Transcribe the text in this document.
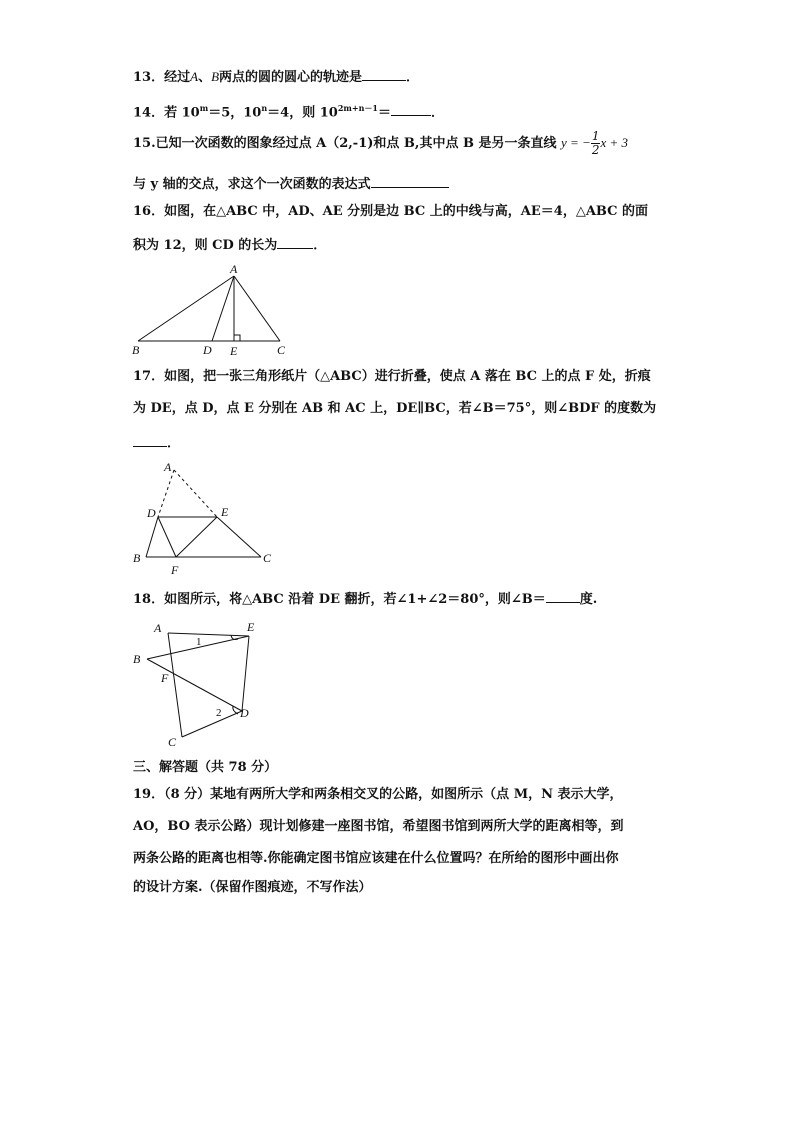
13．经过A、B两点的圆的圆心的轨迹是	．
14．若 $10^m=5$，$10^n=4$，则 $10^{2m+n-1}=$	．
15.已知一次函数的图象经过点 A（2,-1)和点 B,其中点 B 是另一条直线 y = − $\frac{1}{2}$ x + 3
与 y 轴的交点，求这个一次函数的表达式
16．如图，在△ABC 中，AD、AE 分别是边 BC 上的中线与高，AE＝4，△ABC 的面
积为 12，则 CD 的长为	．
A
B	D E	C
17．如图，把一张三角形纸片（△ABC）进行折叠，使点 A 落在 BC 上的点 F 处，折痕
为 DE，点 D，点 E 分别在 AB 和 AC 上，DE∥BC，若∠B＝75°，则∠BDF 的度数为
．
A
D	E
B
F
C
18．如图所示，将△ABC 沿着 DE 翻折，若∠1+∠2＝80°，则∠B＝	度.
A	E
B
F
D
C
1
2
三、解答题（共 78 分）
19．（8 分）某地有两所大学和两条相交叉的公路，如图所示（点 M，N 表示大学，
AO，BO 表示公路）现计划修建一座图书馆，希望图书馆到两所大学的距离相等，到
两条公路的距离也相等.你能确定图书馆应该建在什么位置吗？在所给的图形中画出你
的设计方案.（保留作图痕迹，不写作法）
